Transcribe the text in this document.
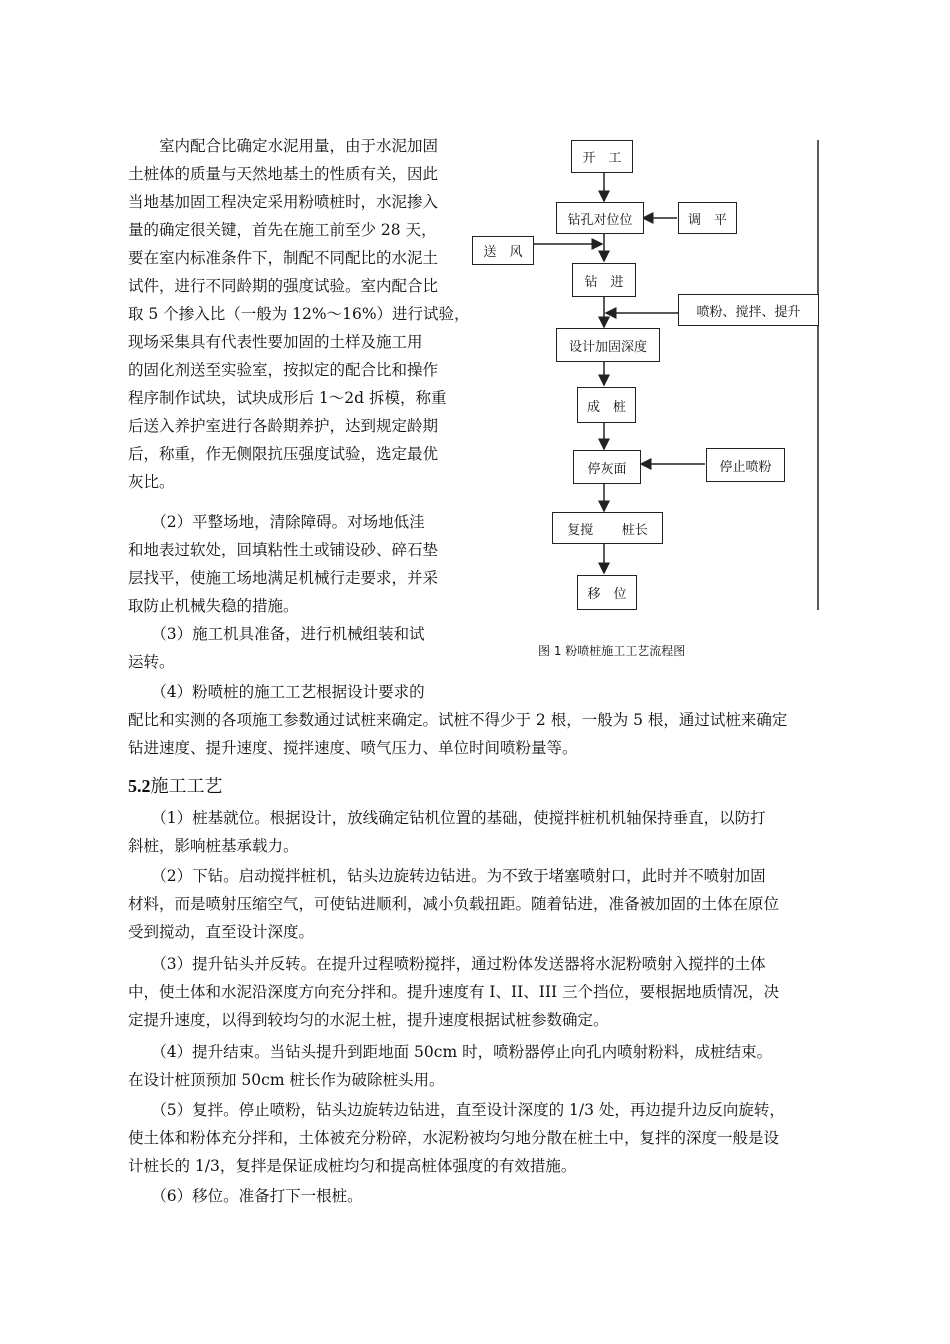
　　室内配合比确定水泥用量，由于水泥加固
土桩体的质量与天然地基土的性质有关，因此
当地基加固工程决定采用粉喷桩时，水泥掺入
量的确定很关键，首先在施工前至少 28 天，
要在室内标准条件下，制配不同配比的水泥土
试件，进行不同龄期的强度试验。室内配合比
取 5 个掺入比（一般为 12%～16%）进行试验，
现场采集具有代表性要加固的土样及施工用
的固化剂送至实验室，按拟定的配合比和操作
程序制作试块，试块成形后 1～2d 拆模，称重
后送入养护室进行各龄期养护，达到规定龄期
后，称重，作无侧限抗压强度试验，选定最优
灰比。
　　（2）平整场地，清除障碍。对场地低洼
和地表过软处，回填粘性土或铺设砂、碎石垫
层找平，使施工场地满足机械行走要求，并采
取防止机械失稳的措施。
　　（3）施工机具准备，进行机械组装和试
运转。
　　（4）粉喷桩的施工工艺根据设计要求的
配比和实测的各项施工参数通过试桩来确定。试桩不得少于 2 根，一般为 5 根，通过试桩来确定
钻进速度、提升速度、搅拌速度、喷气压力、单位时间喷粉量等。
5.2施工工艺
　　（1）桩基就位。根据设计，放线确定钻机位置的基础，使搅拌桩机机轴保持垂直，以防打
斜桩，影响桩基承载力。
　　（2）下钻。启动搅拌桩机，钻头边旋转边钻进。为不致于堵塞喷射口，此时并不喷射加固
材料，而是喷射压缩空气，可使钻进顺利，减小负载扭距。随着钻进，准备被加固的土体在原位
受到搅动，直至设计深度。
　　（3）提升钻头并反转。在提升过程喷粉搅拌，通过粉体发送器将水泥粉喷射入搅拌的土体
中，使土体和水泥沿深度方向充分拌和。提升速度有 I、II、III 三个挡位，要根据地质情况，决
定提升速度，以得到较均匀的水泥土桩，提升速度根据试桩参数确定。
　　（4）提升结束。当钻头提升到距地面 50cm 时，喷粉器停止向孔内喷射粉料，成桩结束。
在设计桩顶预加 50cm 桩长作为破除桩头用。
　　（5）复拌。停止喷粉，钻头边旋转边钻进，直至设计深度的 1/3 处，再边提升边反向旋转，
使土体和粉体充分拌和，土体被充分粉碎，水泥粉被均匀地分散在桩土中，复拌的深度一般是设
计桩长的 1/3，复拌是保证成桩均匀和提高桩体强度的有效措施。
　　（6）移位。准备打下一根桩。
开　工
钻孔对位位	调　平
送　风
钻　进
喷粉、搅拌、提升
设计加固深度
成　桩
停灰面	停止喷粉
复搅 桩长
移　位
图 1 粉喷桩施工工艺流程图
